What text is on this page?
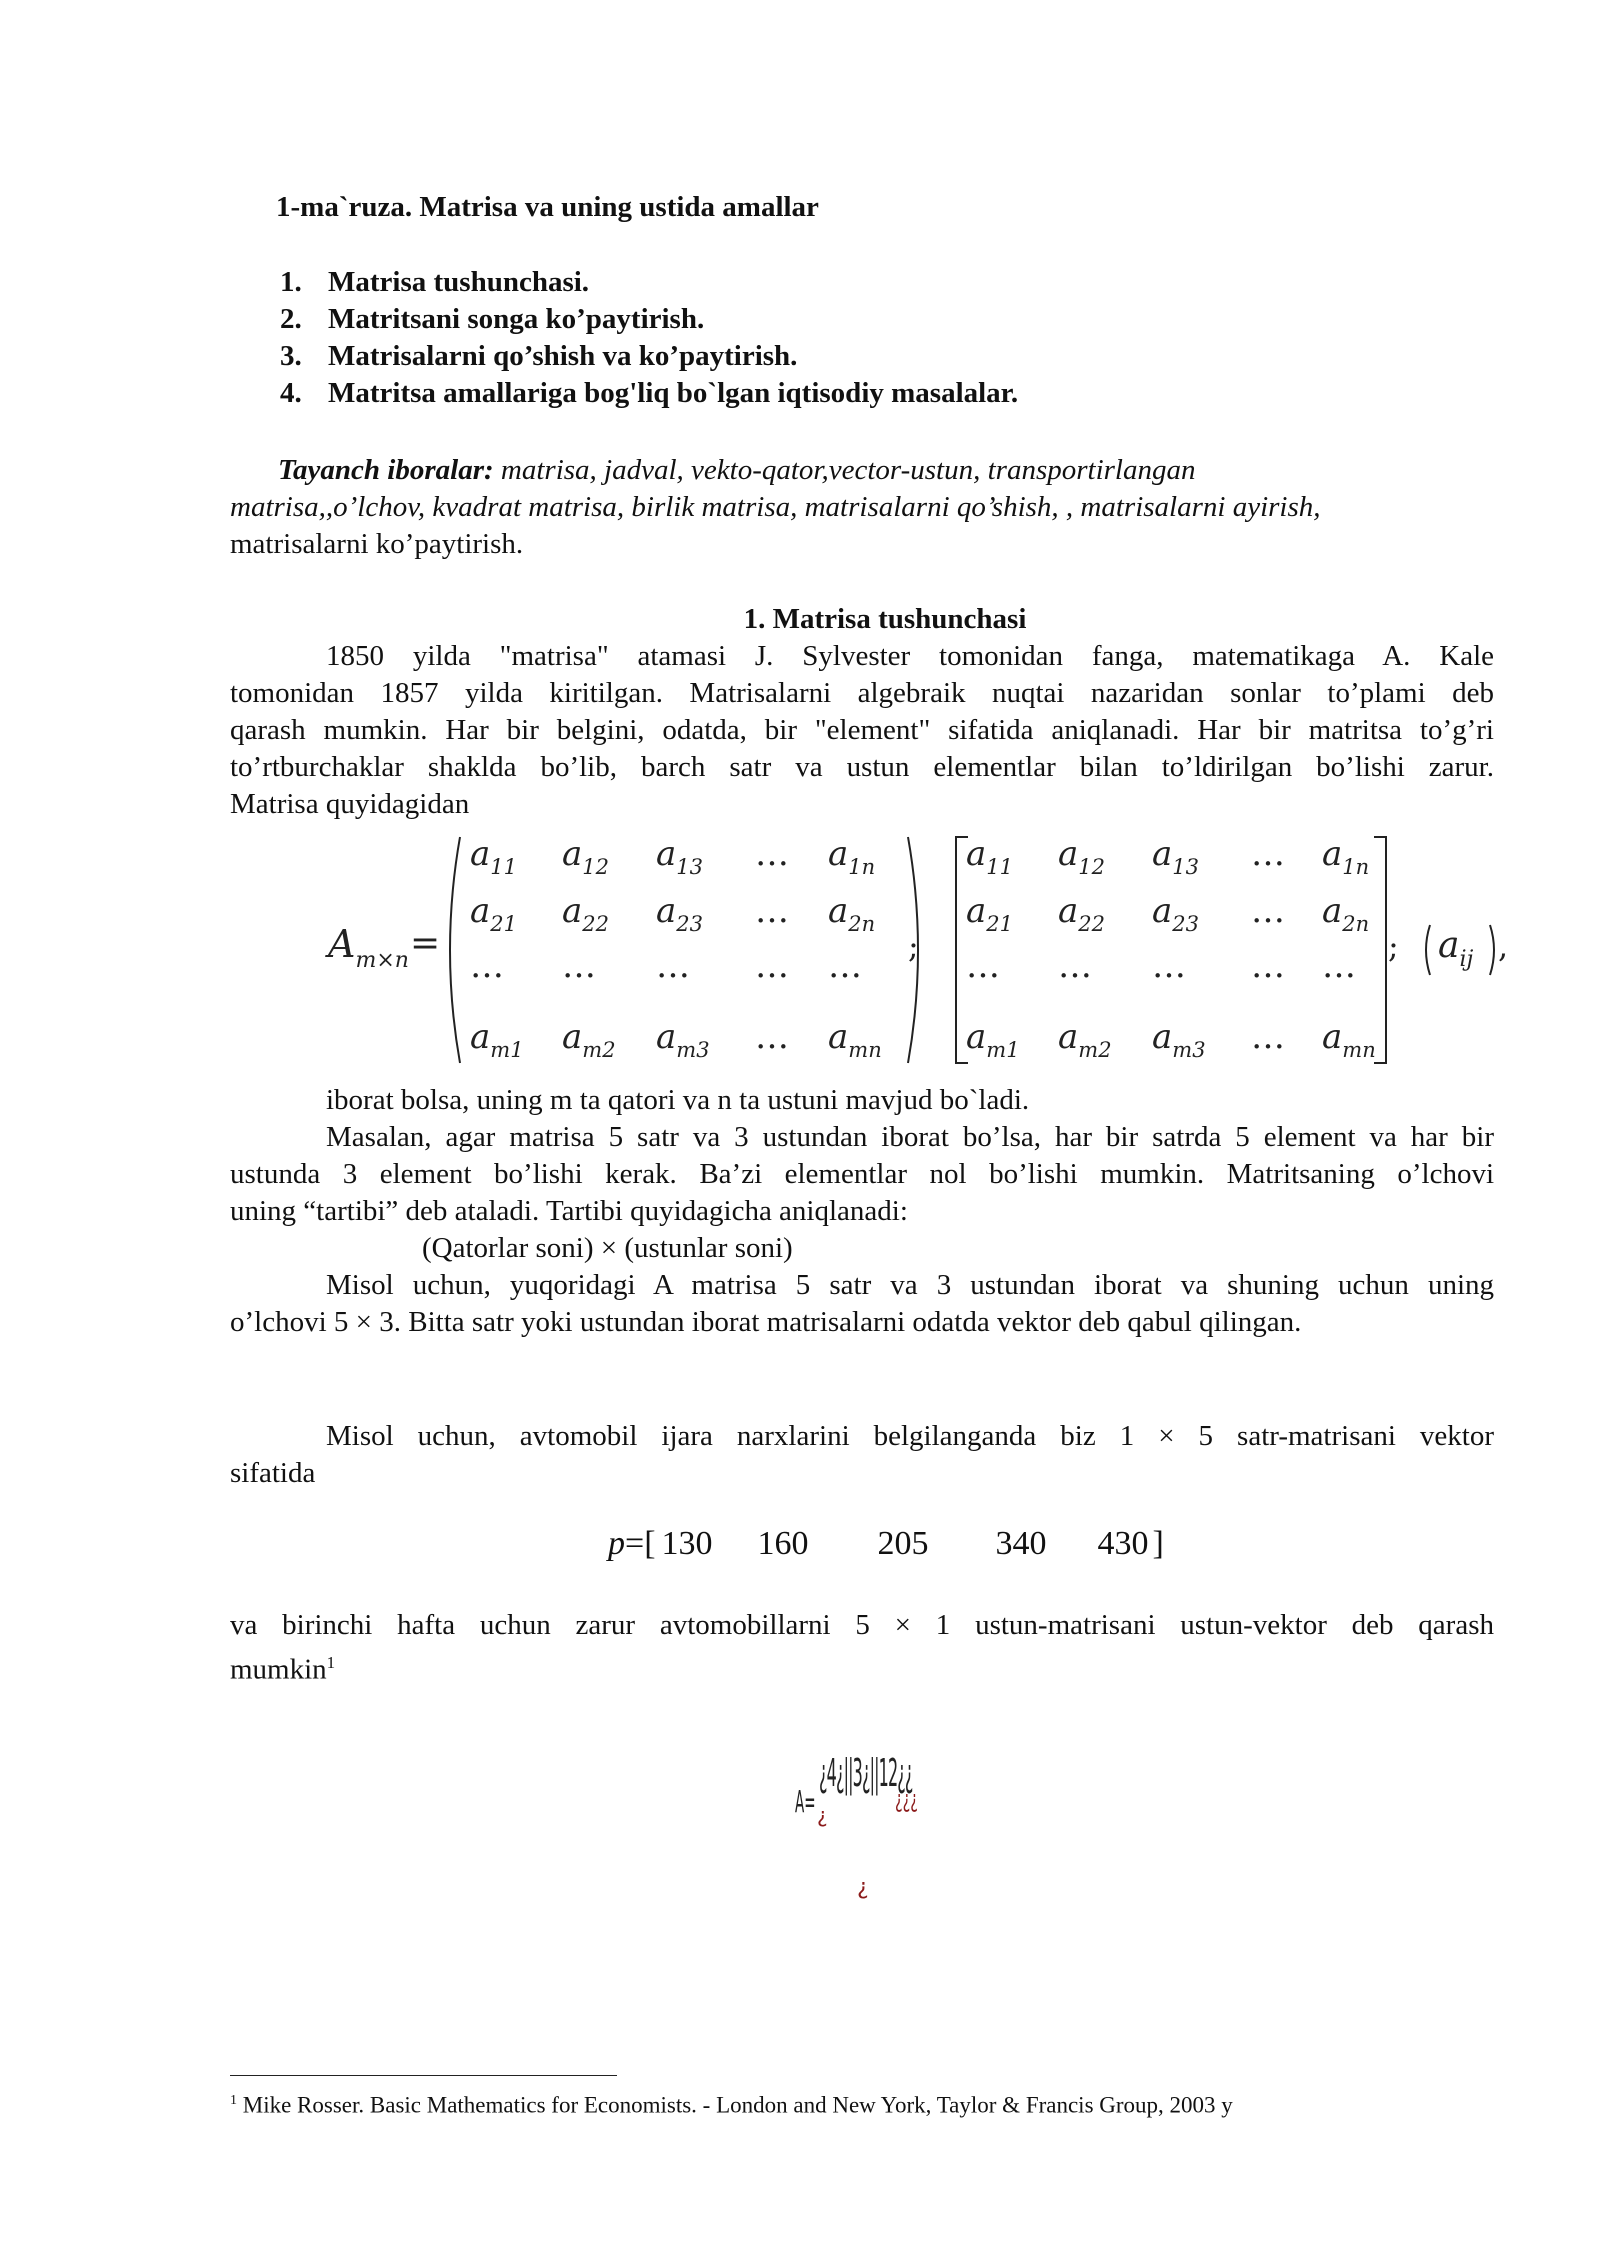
1-ma`ruza. Matrisa va uning ustida amallar
1. Matrisa tushunchasi.
2. Matritsani songa ko’paytirish.
3. Matrisalarni qo’shish va ko’paytirish.
4. Matritsa amallariga bog'liq bo`lgan iqtisodiy masalalar.
Tayanch iboralar: matrisa, jadval, vekto-qator,vector-ustun, transportirlangan
matrisa,,o’lchov, kvadrat matrisa, birlik matrisa, matrisalarni qo’shish, , matrisalarni ayirish,
matrisalarni ko’paytirish.
1. Matrisa tushunchasi
1850 yilda "matrisa" atamasi J. Sylvester tomonidan fanga, matematikaga A. Kale
tomonidan 1857 yilda kiritilgan. Matrisalarni algebraik nuqtai nazaridan sonlar to’plami deb
qarash mumkin. Har bir belgini, odatda, bir "element" sifatida aniqlanadi. Har bir matritsa to’g’ri
to’rtburchaklar shaklda bo’lib, barch satr va ustun elementlar bilan to’ldirilgan bo’lishi zarur.
Matrisa quyidagidan
$A_{m\times n}$ =
$a_{11}$ $a_{12}$ $a_{13}$ … $a_{1n}$
$a_{21}$ $a_{22}$ $a_{23}$ … $a_{2n}$
… … … … …
$a_{m1}$ $a_{m2}$ $a_{m3}$ … $a_{mn}$
;
$a_{11}$ $a_{12}$ $a_{13}$ … $a_{1n}$
$a_{21}$ $a_{22}$ $a_{23}$ … $a_{2n}$
… … … … …
$a_{m1}$ $a_{m2}$ $a_{m3}$ … $a_{mn}$
; $a_{ij}$ ,
iborat bolsa, uning m ta qatori va n ta ustuni mavjud bo`ladi.
Masalan, agar matrisa 5 satr va 3 ustundan iborat bo’lsa, har bir satrda 5 element va har bir
ustunda 3 element bo’lishi kerak. Ba’zi elementlar nol bo’lishi mumkin. Matritsaning o’lchovi
uning “tartibi” deb ataladi. Tartibi quyidagicha aniqlanadi:
(Qatorlar soni) × (ustunlar soni)
Misol uchun, yuqoridagi A matrisa 5 satr va 3 ustundan iborat va shuning uchun uning
o’lchovi 5 × 3. Bitta satr yoki ustundan iborat matrisalarni odatda vektor deb qabul qilingan.
Misol uchun, avtomobil ijara narxlarini belgilanganda biz 1 × 5 satr-matrisani vektor
sifatida
p=[ 130 160 205 340 430 ]
va birinchi hafta uchun zarur avtomobillarni 5 × 1 ustun-matrisani ustun-vektor deb qarash
mumkin$^1$
A=
¿4¿||3¿||12¿¿
¿
¿¿¿
¿
$^1$ Mike Rosser. Basic Mathematics for Economists. - London and New York, Taylor & Francis Group, 2003 y
